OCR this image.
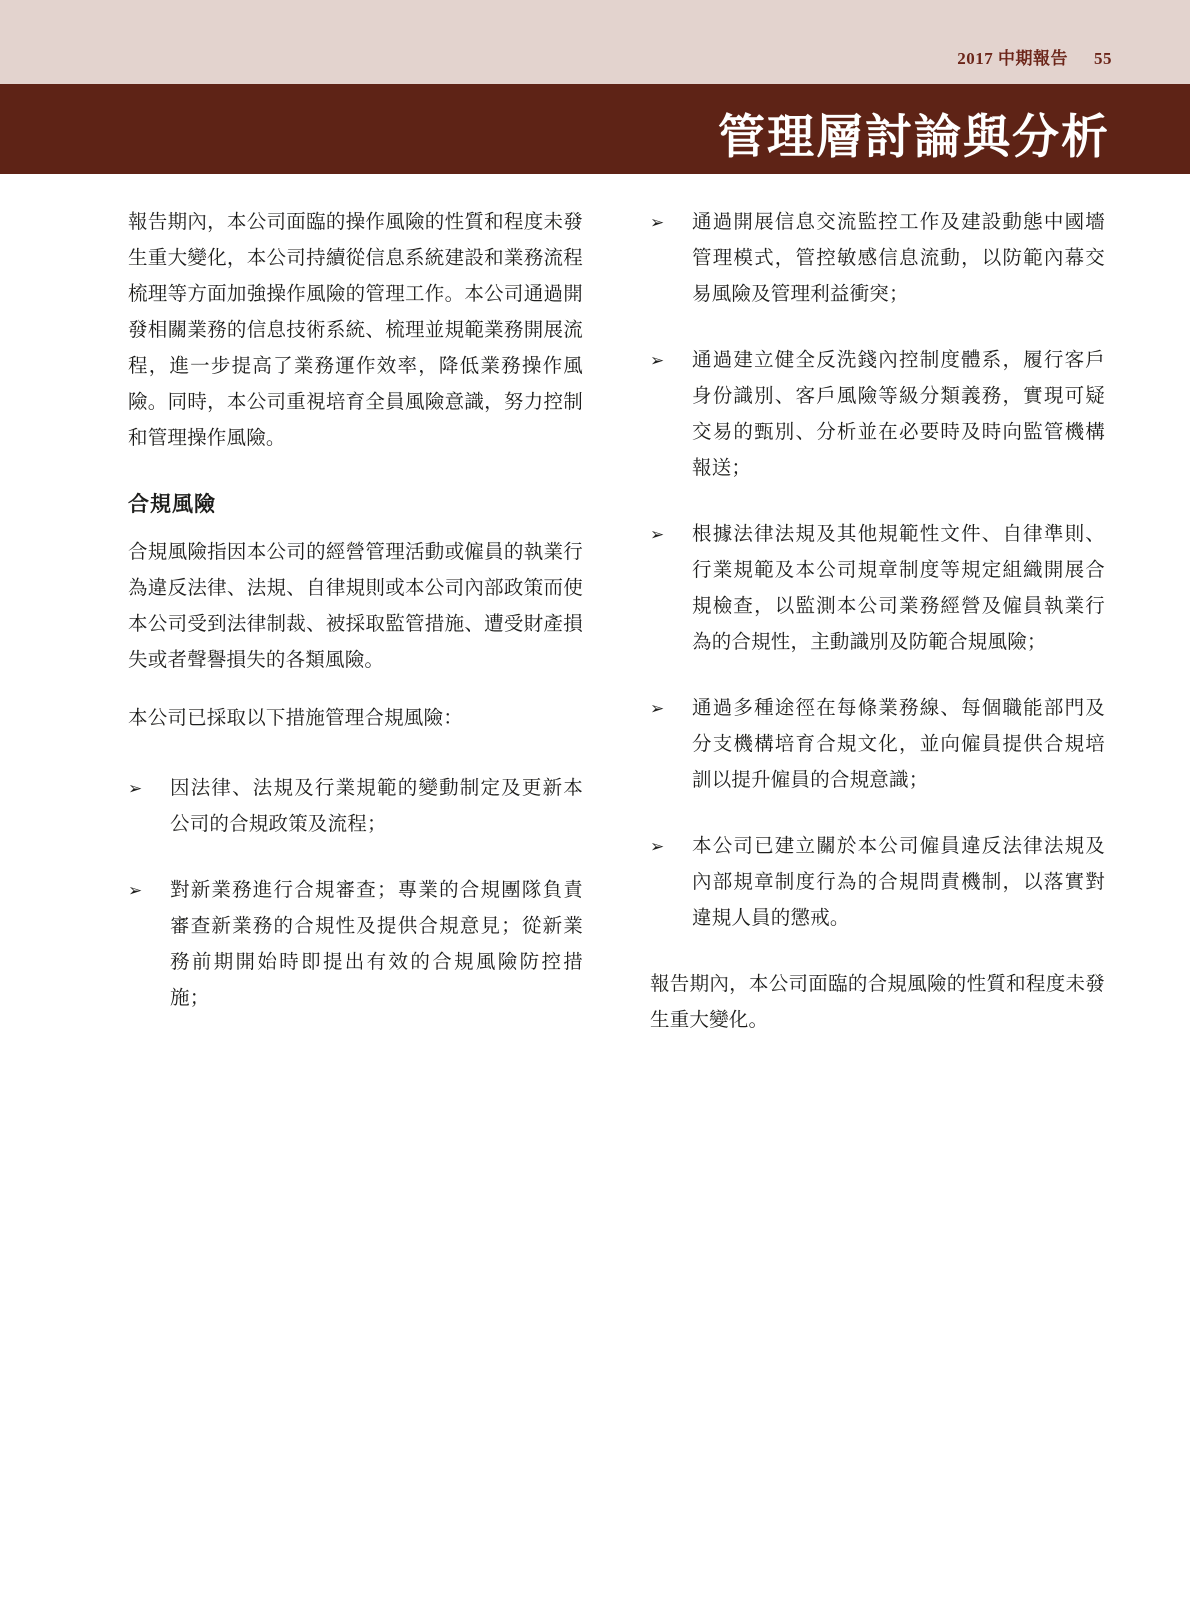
2017 中期報告 55
管理層討論與分析

報告期內，本公司面臨的操作風險的性質和程度未發生重大變化，本公司持續從信息系統建設和業務流程梳理等方面加強操作風險的管理工作。本公司通過開發相關業務的信息技術系統、梳理並規範業務開展流程，進一步提高了業務運作效率，降低業務操作風險。同時，本公司重視培育全員風險意識，努力控制和管理操作風險。

合規風險

合規風險指因本公司的經營管理活動或僱員的執業行為違反法律、法規、自律規則或本公司內部政策而使本公司受到法律制裁、被採取監管措施、遭受財產損失或者聲譽損失的各類風險。

本公司已採取以下措施管理合規風險：

➢	因法律、法規及行業規範的變動制定及更新本公司的合規政策及流程；
➢	對新業務進行合規審查；專業的合規團隊負責審查新業務的合規性及提供合規意見；從新業務前期開始時即提出有效的合規風險防控措施；
➢	通過開展信息交流監控工作及建設動態中國墻管理模式，管控敏感信息流動，以防範內幕交易風險及管理利益衝突；
➢	通過建立健全反洗錢內控制度體系，履行客戶身份識別、客戶風險等級分類義務，實現可疑交易的甄別、分析並在必要時及時向監管機構報送；
➢	根據法律法規及其他規範性文件、自律準則、行業規範及本公司規章制度等規定組織開展合規檢查，以監測本公司業務經營及僱員執業行為的合規性，主動識別及防範合規風險；
➢	通過多種途徑在每條業務線、每個職能部門及分支機構培育合規文化，並向僱員提供合規培訓以提升僱員的合規意識；
➢	本公司已建立關於本公司僱員違反法律法規及內部規章制度行為的合規問責機制，以落實對違規人員的懲戒。

報告期內，本公司面臨的合規風險的性質和程度未發生重大變化。
